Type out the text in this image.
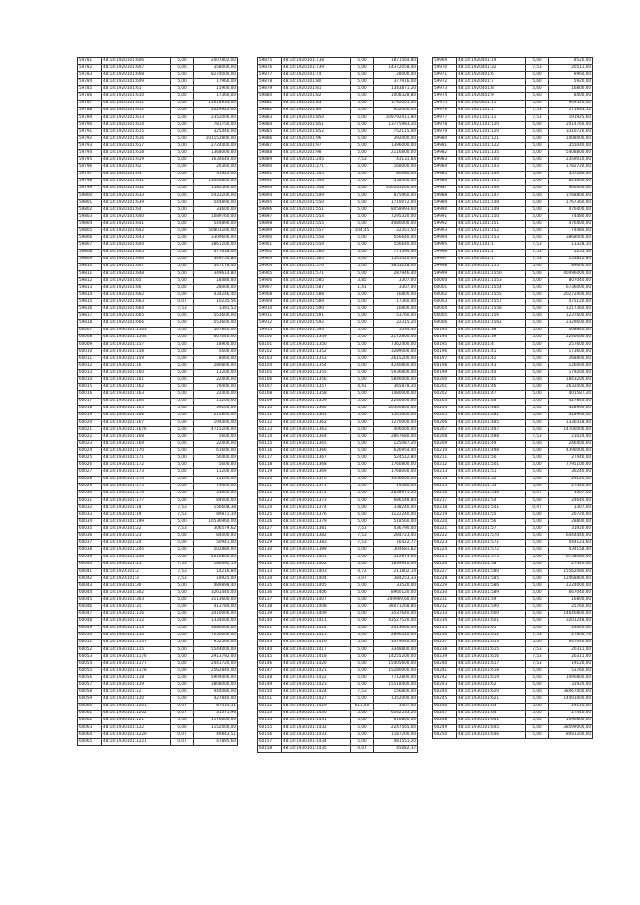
59781	48:14:1920101:606	5,00	2407802,00
59782	48:14:1920101:607	5,00	358000,00
59783	48:14:1920101:608	5,00	8274000,00
59784	48:14:1920101:609	5,00	17960,00
59785	48:14:1920101:61	5,00	15900,00
59786	48:14:1920101:610	5,00	17360,00
59787	48:14:1920101:611	5,00	11618933,00
59788	48:14:1920101:612	5,00	2029920,00
59789	48:14:1920101:613	5,00	2352000,00
59790	48:14:1920101:614	5,00	781750,00
59791	48:14:1920101:615	5,00	325440,00
59792	48:14:1920101:616	5,00	101152800,00
59793	48:14:1920101:617	5,00	2724400,00
59794	48:14:1920101:618	5,00	1368000,00
59795	48:14:1920101:619	5,00	1634640,00
59796	48:14:1920101:62	5,00	20360,00
59797	48:14:1920101:63	5,00	31920,00
59798	48:14:1920101:631	5,00	13444800,00
59799	48:14:1920101:632	5,00	1582560,00
59800	48:14:1920101:633	5,00	5433200,00
59801	48:14:1920101:639	5,00	544890,00
59802	48:14:1920101:64	5,00	33600,00
59803	48:14:1920101:640	5,00	1089760,00
59804	48:14:1920101:641	5,00	544890,00
59805	48:14:1920101:642	5,00	50803200,00
59806	48:14:1920101:643	5,00	3309600,00
59807	48:14:1920101:644	5,00	3861200,00
59808	48:14:1920101:645	5,00	377618,00
59809	48:14:1920101:646	5,00	349754,80
59810	48:14:1920101:647	5,00	347178,40
59811	48:14:1920101:648	5,00	349614,80
59812	48:14:1920101:65	5,00	18480,00
59813	48:14:1920101:66	5,00	28000,00
59814	48:14:1920101:662	5,00	434246,40
59815	48:14:1920101:663	0,07	10235,56
59816	48:14:1920101:664	7,53	1391,53
59817	48:14:1920101:665	5,00	553600,00
59818	48:14:1920101:666	5,00	553600,00
60007	48:14:1930101:1563	5,00	567840,00
60008	48:14:1930101:1564	5,00	607040,00
60009	48:14:1930101:157	5,00	18900,00
60010	48:14:1930101:158	5,00	5600,00
60011	48:14:1930101:159	5,00	8064,00
60012	48:14:1930101:16	5,00	280800,00
60013	48:14:1930101:160	5,00	11200,00
60014	48:14:1930101:161	5,00	22400,00
60015	48:14:1930101:162	5,00	79400,00
60016	48:14:1930101:163	5,00	22400,00
60017	48:14:1930101:164	5,00	11200,00
60018	48:14:1930101:165	5,00	39200,00
60019	48:14:1930101:166	5,00	212800,00
60020	48:14:1930101:167	5,00	194400,00
60021	48:14:1930101:1676	5,00	4715200,00
60022	48:14:1930101:168	5,00	5600,00
60023	48:14:1930101:169	5,00	22400,00
60024	48:14:1930101:170	5,00	61600,00
60025	48:14:1930101:171	5,00	50400,00
60026	48:14:1930101:172	5,00	5600,00
60027	48:14:1930101:173	5,00	11200,00
60028	48:14:1930101:174	5,00	11200,00
60029	48:14:1930101:175	5,00	79400,00
60030	48:14:1930101:176	5,00	33600,00
60031	48:14:1930101:177	5,00	84000,00
60032	48:14:1930101:18	7,53	156608,38
60033	48:14:1930101:19	7,53	89871,19
60034	48:14:1930101:199	5,00	10536960,00
60035	48:14:1930101:22	7,53	306579,62
60036	48:14:1930101:23	5,00	84000,00
60037	48:14:1930101:24	5,00	50941,00
60038	48:14:1930101:245	5,00	502880,00
60039	48:14:1930101:246	5,00	2616800,00
60040	48:14:1930101:25	7,53	186492,13
60041	48:14:1924101:2	7,53	14216,84
60042	48:14:1924101:3	7,53	18925,00
60043	48:14:1930101:30	5,00	489898,40
60044	48:14:1930101:302	5,00	3261440,00
60045	48:14:1930101:303	5,00	3113600,00
60046	48:14:1930101:31	5,00	413784,00
60047	48:14:1930101:116	5,00	3410000,00
60048	48:14:1930101:112	5,00	1334000,00
60049	48:14:1930101:113	5,00	3080000,00
60050	48:14:1930101:114	5,00	7050000,00
60051	48:14:1930101:1147	5,00	952560,00
60052	48:14:1930101:115	5,00	5544000,00
60053	48:14:1930101:1176	5,00	2913792,00
60054	48:14:1930101:1177	5,00	2441720,00
60055	48:14:1930101:1178	5,00	2562840,00
60056	48:14:1930101:118	5,00	5909400,00
60057	48:14:1930101:119	5,00	3808000,00
60058	48:14:1930101:12	5,00	444080,00
60059	48:14:1930101:120	5,00	427840,00
60060	48:14:1930101:1201	0,07	87414,11
60061	48:14:1930101:1202	0,07	31371,96
60062	48:14:1930101:121	5,00	1176000,00
60063	48:14:1930101:122	5,00	1152000,00
60064	48:14:1930101:1220	0,07	49843,51
60065	48:14:1930101:1221	0,07	47895,60
59875	48:14:1920101:738	5,00	1871564,80
59876	48:14:1920101:739	5,00	14372058,40
59877	48:14:1920101:74	5,00	28000,00
59878	48:14:1920101:80	5,00	377916,00
59879	48:14:1920101:81	5,00	1343871,20
59880	48:14:1920101:82	5,00	1008328,80
59881	48:14:1920101:83	5,00	1792005,00
59882	48:14:1920101:84	5,00	952000,00
59883	48:14:1920101:850	5,00	109792411,80
59884	48:14:1920101:851	5,00	13775983,20
59885	48:14:1920101:852	5,00	752115,00
59886	48:14:1920101:96	5,00	392000,00
59887	48:14:1920101:97	5,00	1396000,00
59888	48:14:1920101:98	5,00	2116800,00
59889	48:14:1920101:245	7,53	43131,84
59890	48:14:1920101:271	5,00	168000,00
59891	48:14:1920101:545	5,00	80080,00
59892	48:14:1920101:546	5,00	358400,00
59893	48:14:1920101:548	5,00	100165200,00
59894	48:14:1920101:549	5,00	875960,00
59895	48:14:1920101:550	5,00	1710072,00
59896	48:14:1920101:551	5,00	8058993,60
59897	48:14:1920101:554	5,00	7295320,00
59898	48:14:1920101:555	5,00	4080000,00
59899	48:14:1920101:557	104,45	22351,50
59900	48:14:1920101:558	5,00	556640,00
59901	48:14:1920101:559	5,00	556640,00
59902	48:14:1920101:560	5,00	771394,40
59903	48:14:1920101:565	5,00	1545420,00
59904	48:14:1920101:570	5,00	3853228,00
59905	48:14:1920101:571	5,00	287946,40
59906	48:14:1920101:585	3,85	3307,00
59907	48:14:1920101:587	1,41	3307,00
59908	48:14:1920101:588	5,00	16800,00
59909	48:14:1920101:589	5,00	17360,00
59910	48:14:1920101:590	5,00	16800,00
59911	48:14:1920101:591	5,00	53760,00
59912	48:14:1920101:592	5,00	22315,20
59913	48:14:1920101:593	5,00	5334,40
60100	48:14:1930101:1349	5,00	2172800,00
60101	48:14:1930101:1350	5,00	7362400,00
60102	48:14:1930101:1352	5,00	3289000,00
60103	48:14:1930101:1353	5,00	2615200,00
60104	48:14:1930101:1354	5,00	4240800,00
60105	48:14:1930101:1355	5,00	5936800,00
60106	48:14:1930101:1356	5,00	5846000,00
60107	48:14:1930101:1357	4,41	365878,20
60108	48:14:1930101:1358	5,00	1480000,00
60109	48:14:1930101:1359	5,00	2240000,00
60110	48:14:1930101:1360	5,00	20540800,00
60111	48:14:1930101:1361	5,00	1545600,00
60112	48:14:1930101:1362	5,00	1270000,00
60113	48:14:1930101:1363	5,00	406000,00
60114	48:14:1930101:1364	5,00	2867680,00
60115	48:14:1930101:1365	5,00	125087,20
60116	48:14:1930101:1366	5,00	626954,40
60117	48:14:1930101:1367	5,00	524512,80
60118	48:14:1930101:1368	5,00	1760800,00
60119	48:14:1930101:1369	5,00	1768000,00
60120	48:14:1930101:1370	5,00	3356000,00
60121	48:14:1930101:1371	5,00	14080,00
60122	48:14:1930101:1372	5,00	2838971,20
60123	48:14:1930101:1373	5,00	686548,80
60124	48:14:1930101:1374	5,00	338240,00
60125	48:14:1930101:1376	5,00	1122240,00
60126	48:14:1930101:1379	5,00	518560,00
60127	48:14:1930101:1381	7,53	436790,00
60128	48:14:1930101:1382	7,53	284723,00
60129	48:14:1930101:1383	7,53	16422,77
60130	48:14:1930101:1389	5,00	304681,82
60131	48:14:1930101:1401	5,00	522873,00
60132	48:14:1930101:1402	5,00	1839920,00
60133	48:14:1930101:1403	4,72	211802,14
60134	48:14:1930101:1404	3,07	384253,33
60135	48:14:1930101:1405	5,00	33520,00
60136	48:14:1930101:1406	5,00	8960120,00
60137	48:14:1930101:1407	5,00	249969,60,00
60138	48:14:1930101:1408	5,00	38071268,80
60139	48:14:1930101:1409	5,00	3537640,00
60140	48:14:1930101:1411	5,00	43527520,00
60141	48:14:1930101:1414	5,00	2413600,00
60142	48:14:1930101:1415	5,00	2896320,00
60143	48:14:1930101:1416	5,00	3379040,00
60144	48:14:1930101:1417	5,00	3348800,00
60145	48:14:1930101:1418	5,00	14255200,00
60146	48:14:1930101:1420	5,00	15405600,00
60147	48:14:1930101:1421	5,00	15280000,00
60148	48:14:1930101:1422	5,00	7712800,00
60149	48:14:1930101:1423	5,00	15518400,00
60150	48:14:1930101:1424	7,53	156800,00
60151	48:14:1930101:1427	5,00	1352000,00
60152	48:14:1930101:1429	611,40	3307,00
60153	48:14:1930101:1430	5,00	6162533,20
60154	48:14:1930101:1431	5,00	616800,00
60155	48:14:1930101:1432	5,00	2247565,00
60156	48:14:1930101:1433	5,00	1187200,00
60157	48:14:1930101:1434	5,00	481551,20
60158	48:14:1930101:1435	0,07	45082,37
59969	48:14:1920401:19	5,00	8520,00
59970	48:14:1920401:32	7,53	20511,00
59971	48:14:1920401:6	5,00	8960,00
59972	48:14:1920401:7	5,60	5920,00
59973	48:14:1920401:8	5,60	16800,00
59974	48:14:1920401:9	5,60	8400,00
59975	48:14:1920401:11	5,00	909520,00
59976	48:14:1921101:1	7,53	171933,12
59977	48:14:1921101:11	7,53	191925,60
59978	48:14:1921101:120	5,00	2014760,00
59979	48:14:1921101:120	5,00	3310720,00
59980	48:14:1921101:121	5,00	1008000,00
59981	48:14:1921101:122	5,00	355040,00
59982	48:14:1921101:135	5,00	5408800,00
59983	48:14:1921101:140	5,00	2359010,00
59984	48:14:1921101:143	5,00	1782720,00
59985	48:14:1921101:144	5,00	357280,00
59986	48:14:1921101:145	5,00	823600,00
59987	48:14:1921101:146	5,00	946400,00
59988	48:14:1921101:147	5,00	3768800,00
59989	48:14:1921101:148	5,00	1767360,00
59990	48:14:1921101:149	5,00	476400,00
59991	48:14:1921101:150	5,00	74480,00
59992	48:14:1921101:151	5,00	476400,00
59993	48:14:1921101:152	5,00	74480,00
59994	48:14:1921101:153	5,00	3868000,00
59995	48:14:1921101:1	7,53	13328,10
59996	48:14:1921101:2	7,53	5255,56
59997	48:14:1925401:1	7,53	153822,84
59998	48:14:1930101:155	5,00	89600,00
59999	48:14:1930101:1550	5,00	40496000,00
60000	48:14:1930101:1553	5,00	807040,00
60001	48:14:1930101:1554	5,00	6736000,00
60002	48:14:1930101:1555	5,00	20272000,00
60003	48:14:1930101:1557	5,00	475120,00
60004	48:14:1930101:1558	5,00	1217360,00
60005	48:14:1930101:156	5,00	1237600,00
60006	48:14:1930101:1562	5,00	2329600,00
60193	48:14:1930101:38	5,00	408840,00
60194	48:14:1930101:39	5,00	2240000,00
60195	48:14:1930101:4	5,00	257600,00
60196	48:14:1930101:41	5,00	173600,00
60197	48:14:1930101:42	5,00	268800,00
60198	48:14:1930101:43	5,00	126000,00
60199	48:14:1930101:44	5,00	179200,00
60200	48:14:1930101:45	5,00	1843200,00
60201	48:14:1930101:46	5,00	2632000,00
60202	48:14:1930101:47	5,00	401587,20
60203	48:14:1930101:48	5,00	427840,00
60204	48:14:1930101:480	5,00	428960,00
60205	48:14:1930101:481	5,00	428960,00
60206	48:14:1930101:485	5,00	1330318,40
60207	48:14:1930101:487	5,00	14700000,00
60208	48:14:1930101:488	7,53	21024,00
60209	48:14:1930101:49	5,00	246400,00
60210	48:14:1930101:498	5,00	4390000,00
60211	48:14:1930101:50	5,00	27440,00
60212	48:14:1930101:501	5,00	7795100,00
60213	48:14:1930101:51	5,00	30240,00
60214	48:14:1930101:52	5,00	29120,00
60215	48:14:1930101:53	5,00	27440,00
60216	48:14:1930101:536	0,07	3307,00
60217	48:14:1930101:54	5,00	24640,00
60218	48:14:1930101:541	0,47	3307,00
60219	48:14:1930101:55	5,00	20720,00
60220	48:14:1930101:56	5,00	28800,00
60221	48:14:1930101:57	5,00	31920,00
60222	48:14:1930101:570	5,00	6444440,00
60223	48:14:1930101:571	5,00	444123,60
60224	48:14:1930101:572	5,00	434158,40
60225	48:14:1930101:575	5,00	6758080,00
60226	48:14:1930101:58	5,00	27440,00
60227	48:14:1930101:580	5,00	15562080,00
60228	48:14:1930101:585	5,00	12468800,00
60229	48:14:1930101:586	5,00	1224000,00
60230	48:14:1930101:589	5,00	667040,00
60231	48:14:1930101:59	5,00	16800,00
60232	48:14:1930101:590	5,00	25760,00
60233	48:14:1930101:600	5,00	14640800,00
60234	48:14:1930101:601	5,00	3201248,00
60235	48:14:1930101:61	5,00	24640,00
60236	48:14:1930101:612	7,53	27800,76
60237	48:14:1930101:613	5,00	647040,00
60238	48:14:1930101:615	7,53	20311,00
60239	48:14:1930101:616	7,53	20311,00
60240	48:14:1930101:617	7,53	19120,00
60241	48:14:1930101:618	5,00	53760,00
60242	48:14:1930101:619	5,00	1090800,00
60243	48:14:1930101:62	5,00	31920,00
60244	48:14:1930101:620	5,00	38467000,00
60245	48:14:1930101:621	5,00	14491000,00
60246	48:14:1930101:63	5,00	29120,00
60247	48:14:1930101:64	5,00	27440,00
60248	48:14:1930101:641	5,00	1090800,00
60249	48:14:1930101:645	5,00	38599000,00
60250	48:14:1930101:646	5,00	8091200,00
